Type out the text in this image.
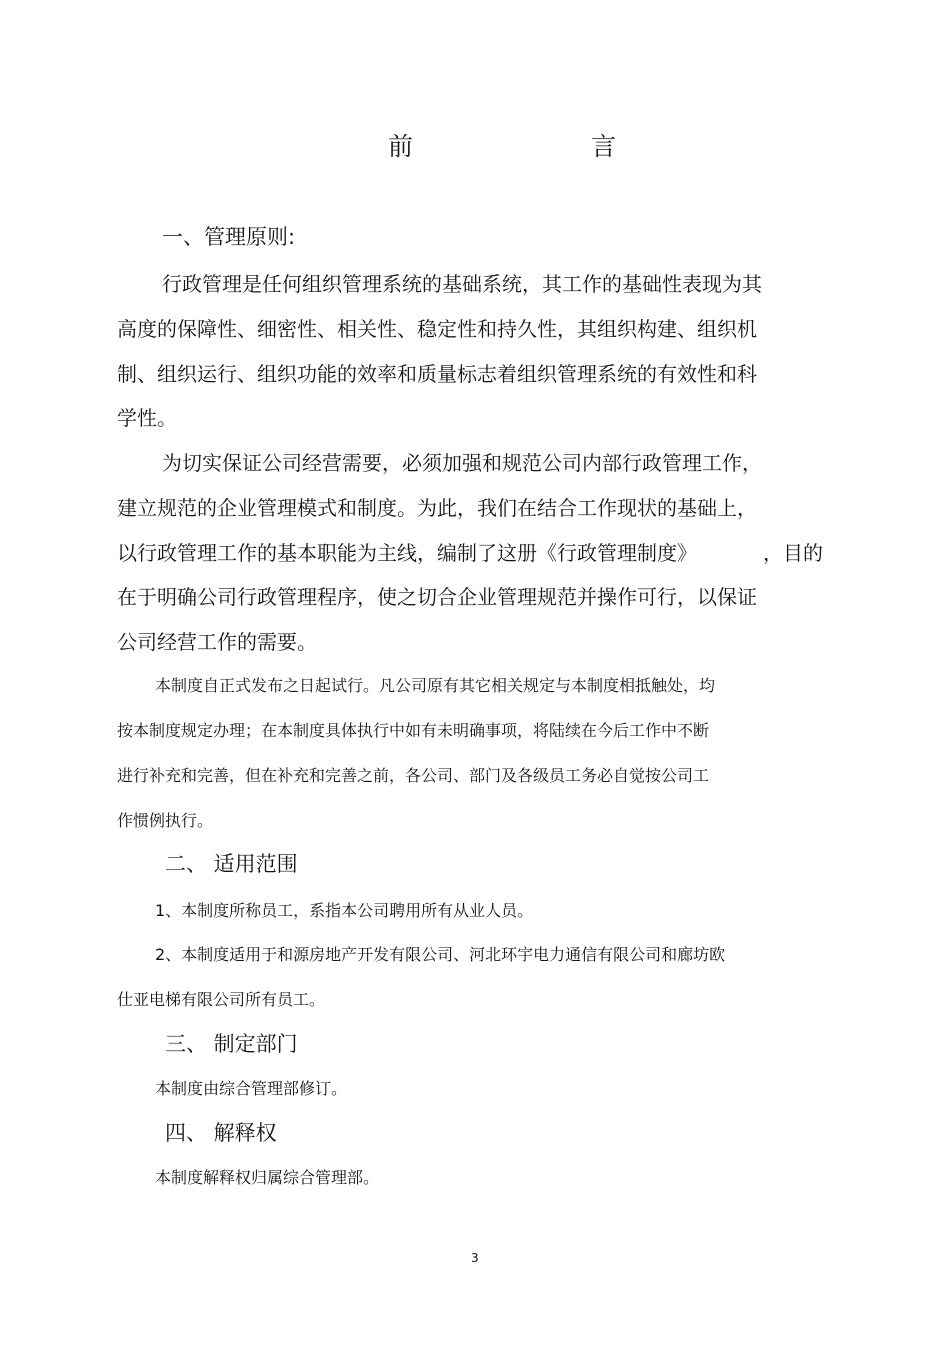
前	言
一、管理原则:
行政管理是任何组织管理系统的基础系统，其工作的基础性表现为其
高度的保障性、细密性、相关性、稳定性和持久性，其组织构建、组织机
制、组织运行、组织功能的效率和质量标志着组织管理系统的有效性和科
学性。
为切实保证公司经营需要，必须加强和规范公司内部行政管理工作，
建立规范的企业管理模式和制度。为此，我们在结合工作现状的基础上，
以行政管理工作的基本职能为主线，编制了这册《行政管理制度》	，目的
在于明确公司行政管理程序，使之切合企业管理规范并操作可行，以保证
公司经营工作的需要。
本制度自正式发布之日起试行。凡公司原有其它相关规定与本制度相抵触处，均
按本制度规定办理；在本制度具体执行中如有未明确事项，将陆续在今后工作中不断
进行补充和完善，但在补充和完善之前，各公司、部门及各级员工务必自觉按公司工
作惯例执行。
二、 适用范围
1、本制度所称员工，系指本公司聘用所有从业人员。
2、本制度适用于和源房地产开发有限公司、河北环宇电力通信有限公司和廊坊欧
仕亚电梯有限公司所有员工。
三、 制定部门
本制度由综合管理部修订。
四、 解释权
本制度解释权归属综合管理部。
3
